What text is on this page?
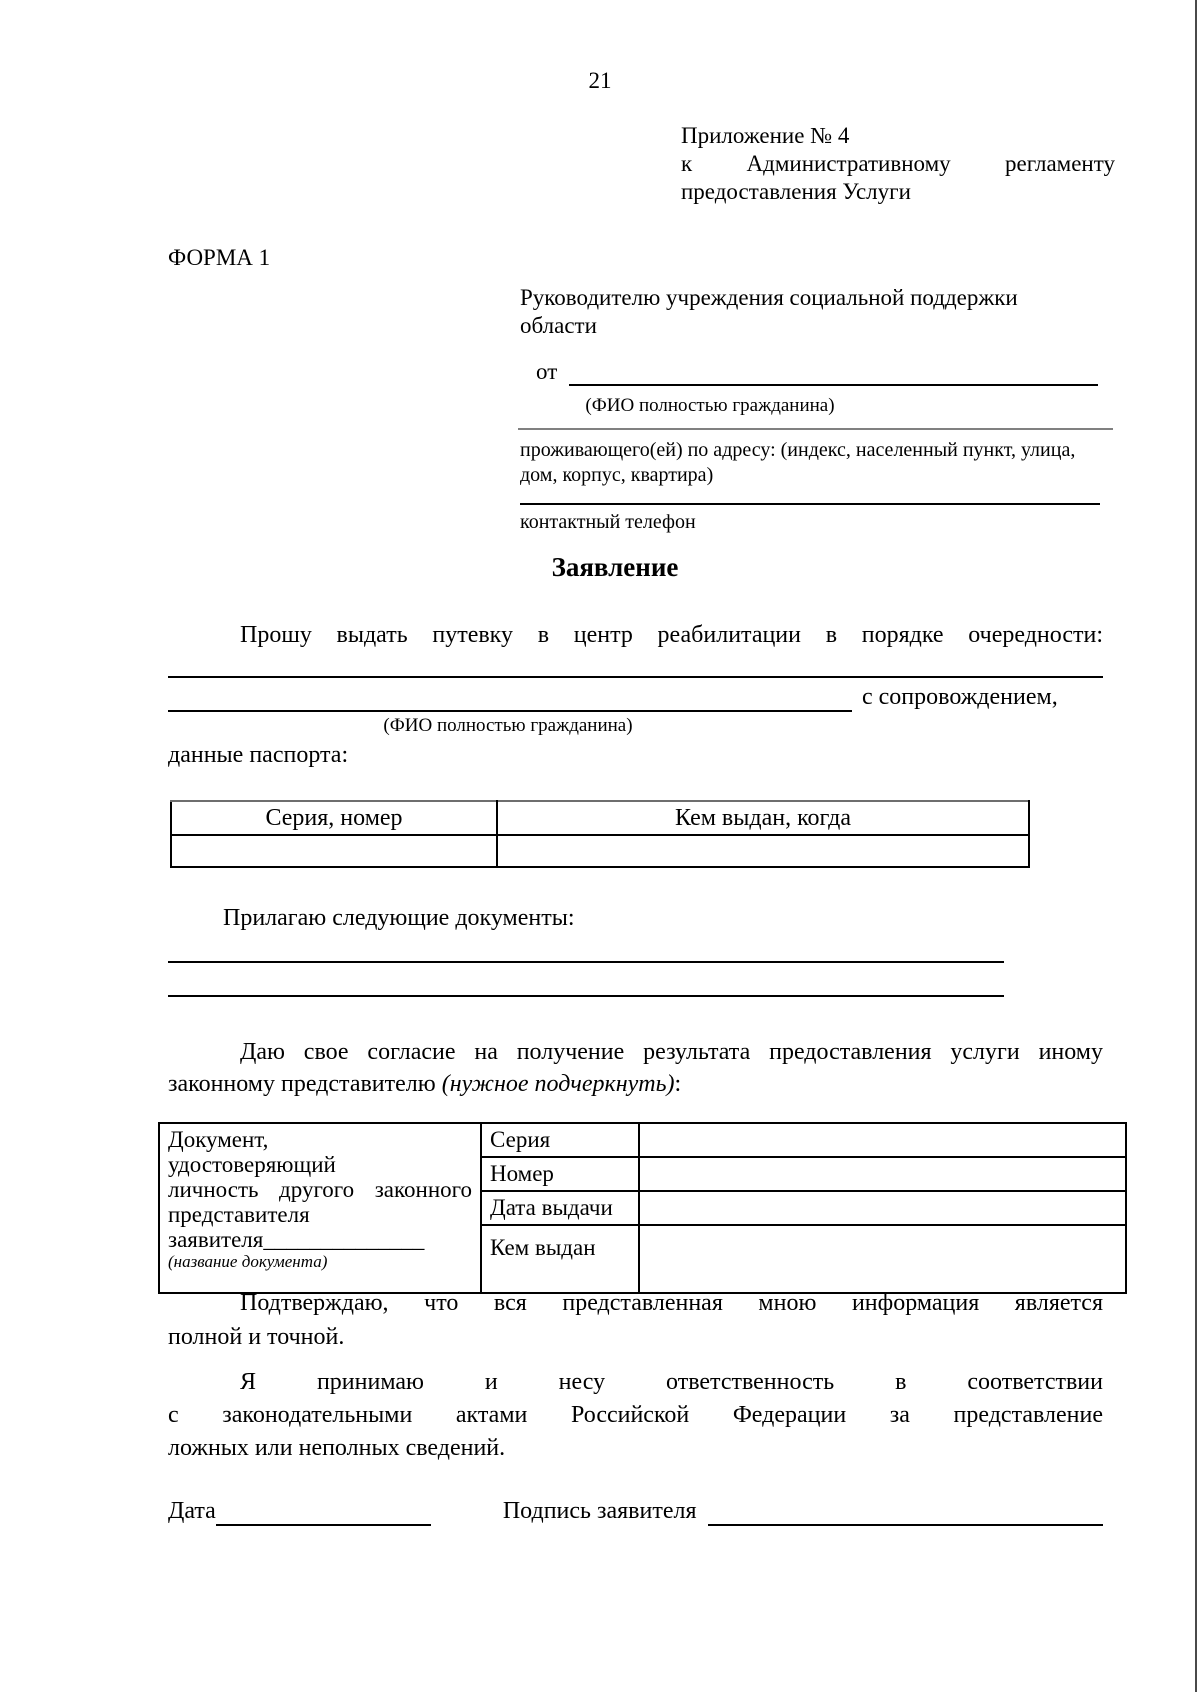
21
Приложение № 4
к Административному регламенту
предоставления Услуги
ФОРМА 1
Руководителю учреждения социальной поддержки
области
от
(ФИО полностью гражданина)
проживающего(ей) по адресу: (индекс, населенный пункт, улица,
дом, корпус, квартира)
контактный телефон
Заявление
Прошу выдать путевку в центр реабилитации в порядке очередности:
с сопровождением,
(ФИО полностью гражданина)
данные паспорта:
Серия, номер	Кем выдан, когда

Прилагаю следующие документы:
Даю свое согласие на получение результата предоставления услуги иному
законному представителю (нужное подчеркнуть):
Документ,
удостоверяющий
личность другого законного
представителя
заявителя______________
(название документа)
	Серия	
	Номер	
	Дата выдачи	
	Кем выдан	
Подтверждаю, что вся представленная мною информация является
полной и точной.
Я принимаю и несу ответственность в соответствии
с законодательными актами Российской Федерации за представление
ложных или неполных сведений.
Дата	Подпись заявителя
